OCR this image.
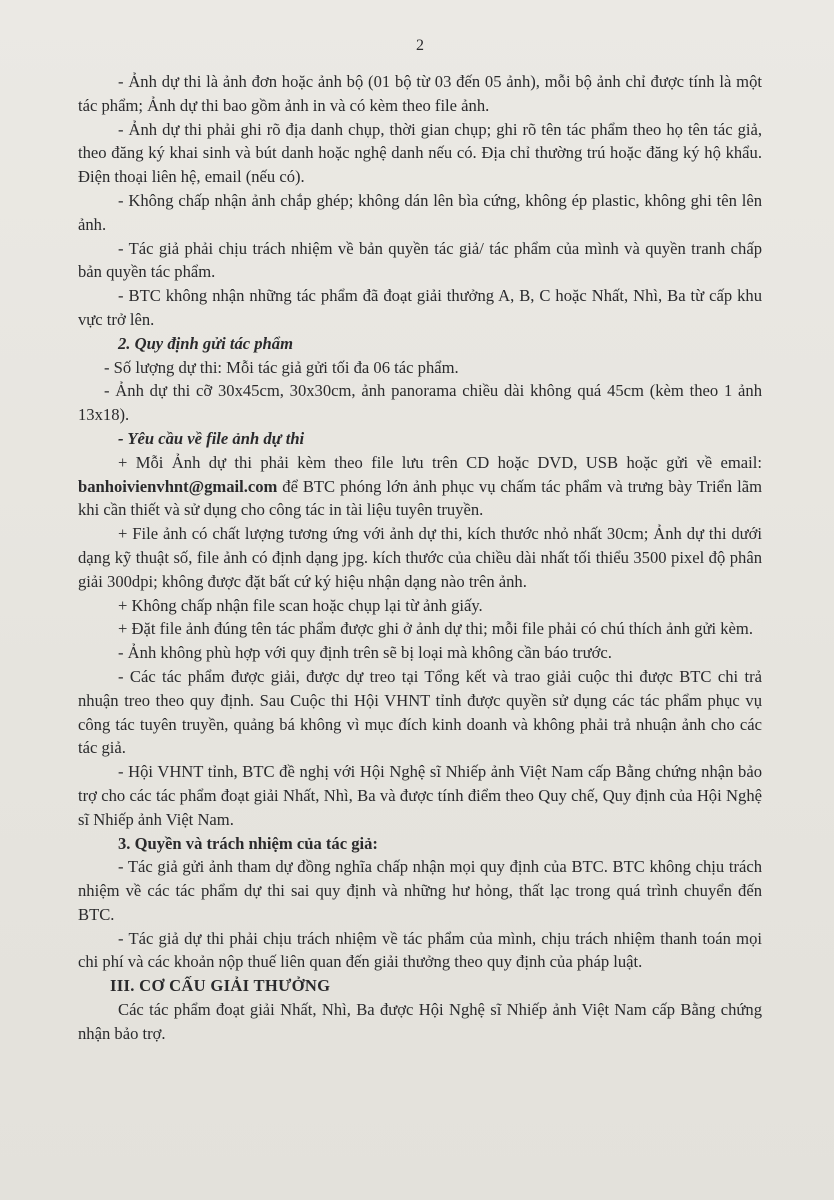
2

- Ảnh dự thi là ảnh đơn hoặc ảnh bộ (01 bộ từ 03 đến 05 ảnh), mỗi bộ ảnh chỉ được tính là một tác phẩm; Ảnh dự thi bao gồm ảnh in và có kèm theo file ảnh.

- Ảnh dự thi phải ghi rõ địa danh chụp, thời gian chụp; ghi rõ tên tác phẩm theo họ tên tác giả, theo đăng ký khai sinh và bút danh hoặc nghệ danh nếu có. Địa chỉ thường trú hoặc đăng ký hộ khẩu. Điện thoại liên hệ, email (nếu có).

- Không chấp nhận ảnh chắp ghép; không dán lên bìa cứng, không ép plastic, không ghi tên lên ảnh.

- Tác giả phải chịu trách nhiệm về bản quyền tác giả/ tác phẩm của mình và quyền tranh chấp bản quyền tác phẩm.

- BTC không nhận những tác phẩm đã đoạt giải thưởng A, B, C hoặc Nhất, Nhì, Ba từ cấp khu vực trở lên.

2. Quy định gửi tác phẩm

- Số lượng dự thi: Mỗi tác giả gửi tối đa 06 tác phẩm.

- Ảnh dự thi cỡ 30x45cm, 30x30cm, ảnh panorama chiều dài không quá 45cm (kèm theo 1 ảnh 13x18).

- Yêu cầu về file ảnh dự thi

+ Mỗi Ảnh dự thi phải kèm theo file lưu trên CD hoặc DVD, USB hoặc gửi về email: banhoivienvhnt@gmail.com để BTC phóng lớn ảnh phục vụ chấm tác phẩm và trưng bày Triển lãm khi cần thiết và sử dụng cho công tác in tài liệu tuyên truyền.

+ File ảnh có chất lượng tương ứng với ảnh dự thi, kích thước nhỏ nhất 30cm; Ảnh dự thi dưới dạng kỹ thuật số, file ảnh có định dạng jpg. kích thước của chiều dài nhất tối thiểu 3500 pixel độ phân giải 300dpi; không được đặt bất cứ ký hiệu nhận dạng nào trên ảnh.

+ Không chấp nhận file scan hoặc chụp lại từ ảnh giấy.

+ Đặt file ảnh đúng tên tác phẩm được ghi ở ảnh dự thi; mỗi file phải có chú thích ảnh gửi kèm.

- Ảnh không phù hợp với quy định trên sẽ bị loại mà không cần báo trước.

- Các tác phẩm được giải, được dự treo tại Tổng kết và trao giải cuộc thi được BTC chi trả nhuận treo theo quy định. Sau Cuộc thi Hội VHNT tỉnh được quyền sử dụng các tác phẩm phục vụ công tác tuyên truyền, quảng bá không vì mục đích kinh doanh và không phải trả nhuận ảnh cho các tác giả.

- Hội VHNT tỉnh, BTC đề nghị với Hội Nghệ sĩ Nhiếp ảnh Việt Nam cấp Bằng chứng nhận bảo trợ cho các tác phẩm đoạt giải Nhất, Nhì, Ba và được tính điểm theo Quy chế, Quy định của Hội Nghệ sĩ Nhiếp ảnh Việt Nam.

3. Quyền và trách nhiệm của tác giả:

- Tác giả gửi ảnh tham dự đồng nghĩa chấp nhận mọi quy định của BTC. BTC không chịu trách nhiệm về các tác phẩm dự thi sai quy định và những hư hỏng, thất lạc trong quá trình chuyển đến BTC.

- Tác giả dự thi phải chịu trách nhiệm về tác phẩm của mình, chịu trách nhiệm thanh toán mọi chi phí và các khoản nộp thuế liên quan đến giải thưởng theo quy định của pháp luật.

III. CƠ CẤU GIẢI THƯỞNG

Các tác phẩm đoạt giải Nhất, Nhì, Ba được Hội Nghệ sĩ Nhiếp ảnh Việt Nam cấp Bằng chứng nhận bảo trợ.
